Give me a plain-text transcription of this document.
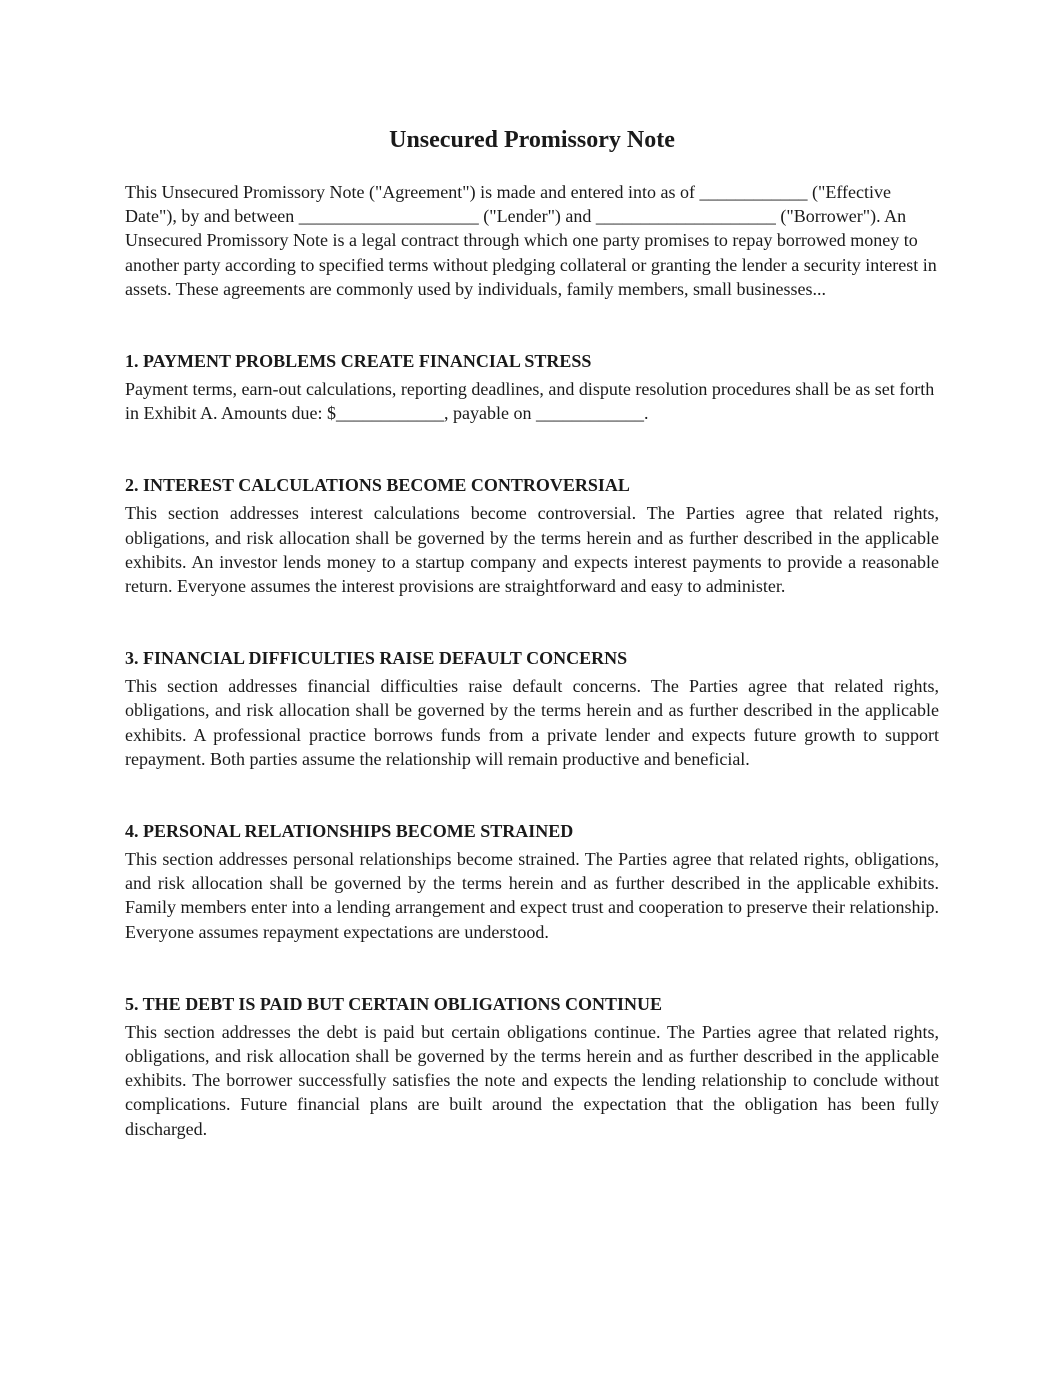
Unsecured Promissory Note

This Unsecured Promissory Note ("Agreement") is made and entered into as of ____________ ("Effective Date"), by and between ____________________ ("Lender") and ____________________ ("Borrower"). An Unsecured Promissory Note is a legal contract through which one party promises to repay borrowed money to another party according to specified terms without pledging collateral or granting the lender a security interest in assets. These agreements are commonly used by individuals, family members, small businesses...

1. PAYMENT PROBLEMS CREATE FINANCIAL STRESS

Payment terms, earn-out calculations, reporting deadlines, and dispute resolution procedures shall be as set forth in Exhibit A. Amounts due: $____________, payable on ____________.

2. INTEREST CALCULATIONS BECOME CONTROVERSIAL

This section addresses interest calculations become controversial. The Parties agree that related rights, obligations, and risk allocation shall be governed by the terms herein and as further described in the applicable exhibits. An investor lends money to a startup company and expects interest payments to provide a reasonable return. Everyone assumes the interest provisions are straightforward and easy to administer.

3. FINANCIAL DIFFICULTIES RAISE DEFAULT CONCERNS

This section addresses financial difficulties raise default concerns. The Parties agree that related rights, obligations, and risk allocation shall be governed by the terms herein and as further described in the applicable exhibits. A professional practice borrows funds from a private lender and expects future growth to support repayment. Both parties assume the relationship will remain productive and beneficial.

4. PERSONAL RELATIONSHIPS BECOME STRAINED

This section addresses personal relationships become strained. The Parties agree that related rights, obligations, and risk allocation shall be governed by the terms herein and as further described in the applicable exhibits. Family members enter into a lending arrangement and expect trust and cooperation to preserve their relationship. Everyone assumes repayment expectations are understood.

5. THE DEBT IS PAID BUT CERTAIN OBLIGATIONS CONTINUE

This section addresses the debt is paid but certain obligations continue. The Parties agree that related rights, obligations, and risk allocation shall be governed by the terms herein and as further described in the applicable exhibits. The borrower successfully satisfies the note and expects the lending relationship to conclude without complications. Future financial plans are built around the expectation that the obligation has been fully discharged.
